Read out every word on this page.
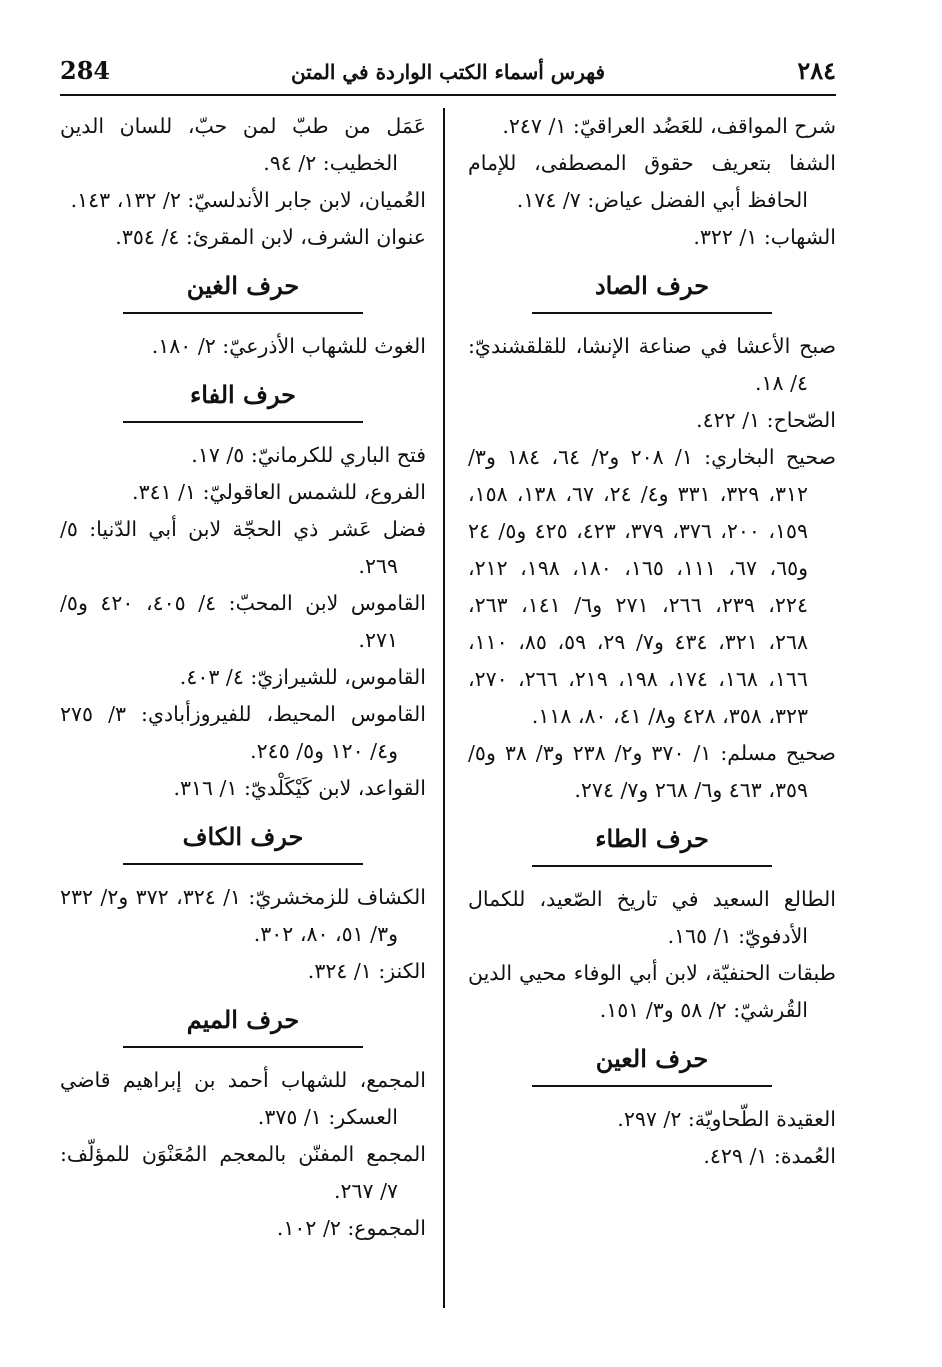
284	فهرس أسماء الكتب الواردة في المتن	٢٨٤

شرح المواقف، للعَضُد العراقيّ: ١/ ٢٤٧.

الشفا بتعريف حقوق المصطفى، للإمام الحافظ أبي الفضل عياض: ٧/ ١٧٤.

الشهاب: ١/ ٣٢٢.

حرف الصاد

صبح الأعشا في صناعة الإنشا، للقلقشنديّ: ٤/ ١٨.

الصّحاح: ١/ ٤٢٢.

صحيح البخاري: ١/ ٢٠٨ و٢/ ٦٤، ١٨٤ و٣/ ٣١٢، ٣٢٩، ٣٣١ و٤/ ٢٤، ٦٧، ١٣٨، ١٥٨، ١٥٩، ٢٠٠، ٣٧٦، ٣٧٩، ٤٢٣، ٤٢٥ و٥/ ٢٤ و٦٥، ٦٧، ١١١، ١٦٥، ١٨٠، ١٩٨، ٢١٢، ٢٢٤، ٢٣٩، ٢٦٦، ٢٧١ و٦/ ١٤١، ٢٦٣، ٢٦٨، ٣٢١، ٤٣٤ و٧/ ٢٩، ٥٩، ٨٥، ١١٠، ١٦٦، ١٦٨، ١٧٤، ١٩٨، ٢١٩، ٢٦٦، ٢٧٠، ٣٢٣، ٣٥٨، ٤٢٨ و٨/ ٤١، ٨٠، ١١٨.

صحيح مسلم: ١/ ٣٧٠ و٢/ ٢٣٨ و٣/ ٣٨ و٥/ ٣٥٩، ٤٦٣ و٦/ ٢٦٨ و٧/ ٢٧٤.

حرف الطاء

الطالع السعيد في تاريخ الصّعيد، للكمال الأدفويّ: ١/ ١٦٥.

طبقات الحنفيّة، لابن أبي الوفاء محيي الدين القُرشيّ: ٢/ ٥٨ و٣/ ١٥١.

حرف العين

العقيدة الطّحاويّة: ٢/ ٢٩٧.

العُمدة: ١/ ٤٢٩.

عَمَل من طبّ لمن حبّ، للسان الدين الخطيب: ٢/ ٩٤.

العُميان، لابن جابر الأندلسيّ: ٢/ ١٣٢، ١٤٣.

عنوان الشرف، لابن المقرئ: ٤/ ٣٥٤.

حرف الغين

الغوث للشهاب الأذرعيّ: ٢/ ١٨٠.

حرف الفاء

فتح الباري للكرمانيّ: ٥/ ١٧.

الفروع، للشمس العاقوليّ: ١/ ٣٤١.

فضل عَشر ذي الحجّة لابن أبي الدّنيا: ٥/ ٢٦٩.

القاموس لابن المحبّ: ٤/ ٤٠٥، ٤٢٠ و٥/ ٢٧١.

القاموس، للشيرازيّ: ٤/ ٤٠٣.

القاموس المحيط، للفيروزأبادي: ٣/ ٢٧٥ و٤/ ١٢٠ و٥/ ٢٤٥.

القواعد، لابن كَيْكَلْديّ: ١/ ٣١٦.

حرف الكاف

الكشاف للزمخشريّ: ١/ ٣٢٤، ٣٧٢ و٢/ ٢٣٢ و٣/ ٥١، ٨٠، ٣٠٢.

الكنز: ١/ ٣٢٤.

حرف الميم

المجمع، للشهاب أحمد بن إبراهيم قاضي العسكر: ١/ ٣٧٥.

المجمع المفنّن بالمعجم المُعَنْوَن للمؤلّف: ٧/ ٢٦٧.

المجموع: ٢/ ١٠٢.
